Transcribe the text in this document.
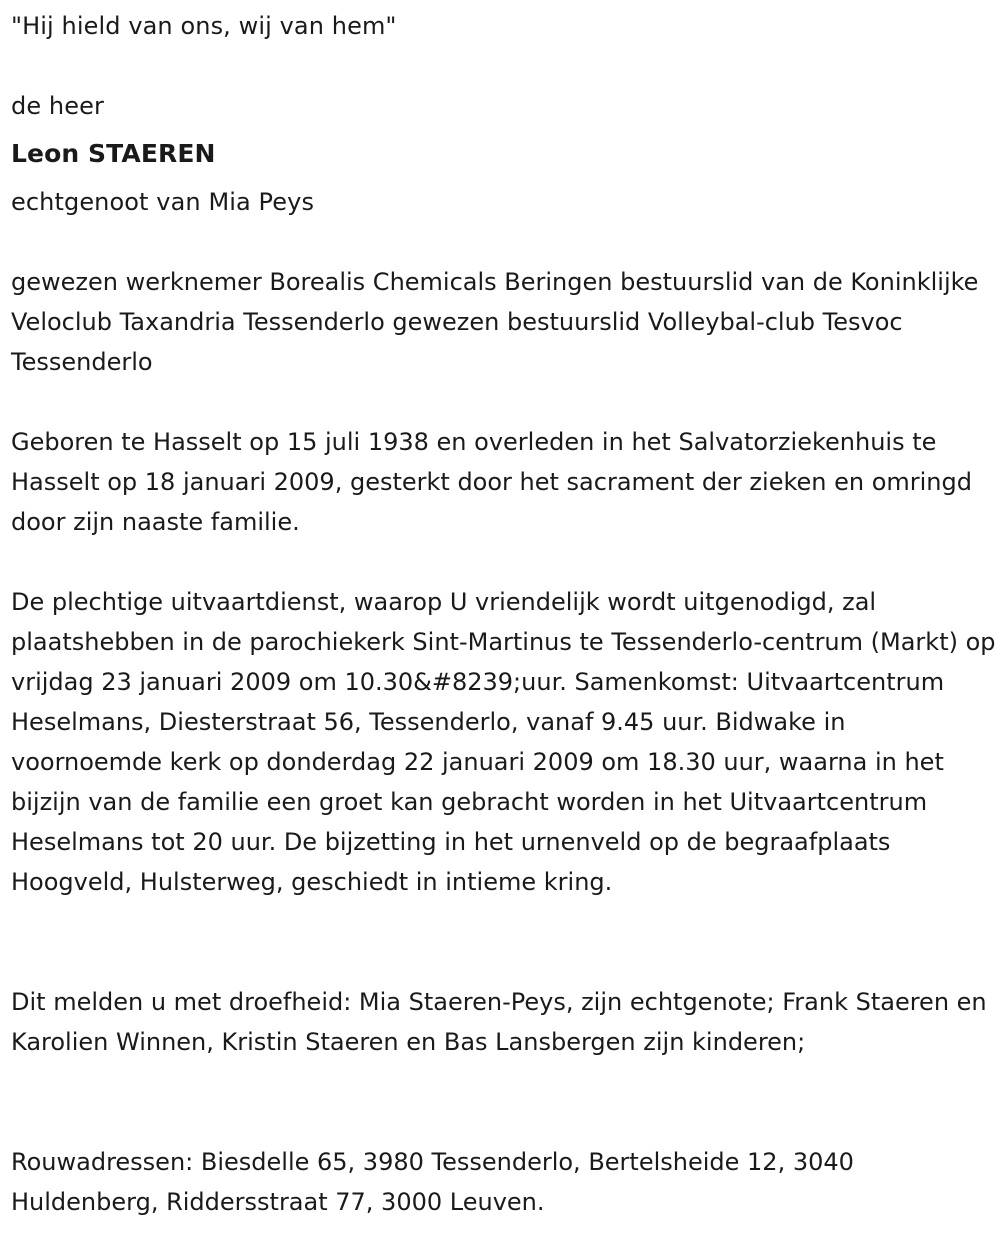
"Hij hield van ons, wij van hem"
de heer
Leon STAEREN
echtgenoot van Mia Peys
gewezen werknemer Borealis Chemicals Beringen bestuurslid van de Koninklijke Veloclub Taxandria Tessenderlo gewezen bestuurslid Volleybal-club Tesvoc Tessenderlo
Geboren te Hasselt op 15 juli 1938 en overleden in het Salvatorziekenhuis te Hasselt op 18 januari 2009, gesterkt door het sacrament der zieken en omringd door zijn naaste familie.
De plechtige uitvaartdienst, waarop U vriendelijk wordt uitgenodigd, zal plaatshebben in de parochiekerk Sint-Martinus te Tessenderlo-centrum (Markt) op vrijdag 23 januari 2009 om 10.30&#8239;uur. Samenkomst: Uitvaartcentrum Heselmans, Diesterstraat 56, Tessenderlo, vanaf 9.45 uur. Bidwake in voornoemde kerk op donderdag 22 januari 2009 om 18.30 uur, waarna in het bijzijn van de familie een groet kan gebracht worden in het Uitvaartcentrum Heselmans tot 20 uur. De bijzetting in het urnenveld op de begraafplaats Hoogveld, Hulsterweg, geschiedt in intieme kring.
Dit melden u met droefheid: Mia Staeren-Peys, zijn echtgenote; Frank Staeren en Karolien Winnen, Kristin Staeren en Bas Lansbergen zijn kinderen;
Rouwadressen: Biesdelle 65, 3980 Tessenderlo, Bertelsheide 12, 3040 Huldenberg, Riddersstraat 77, 3000 Leuven.
